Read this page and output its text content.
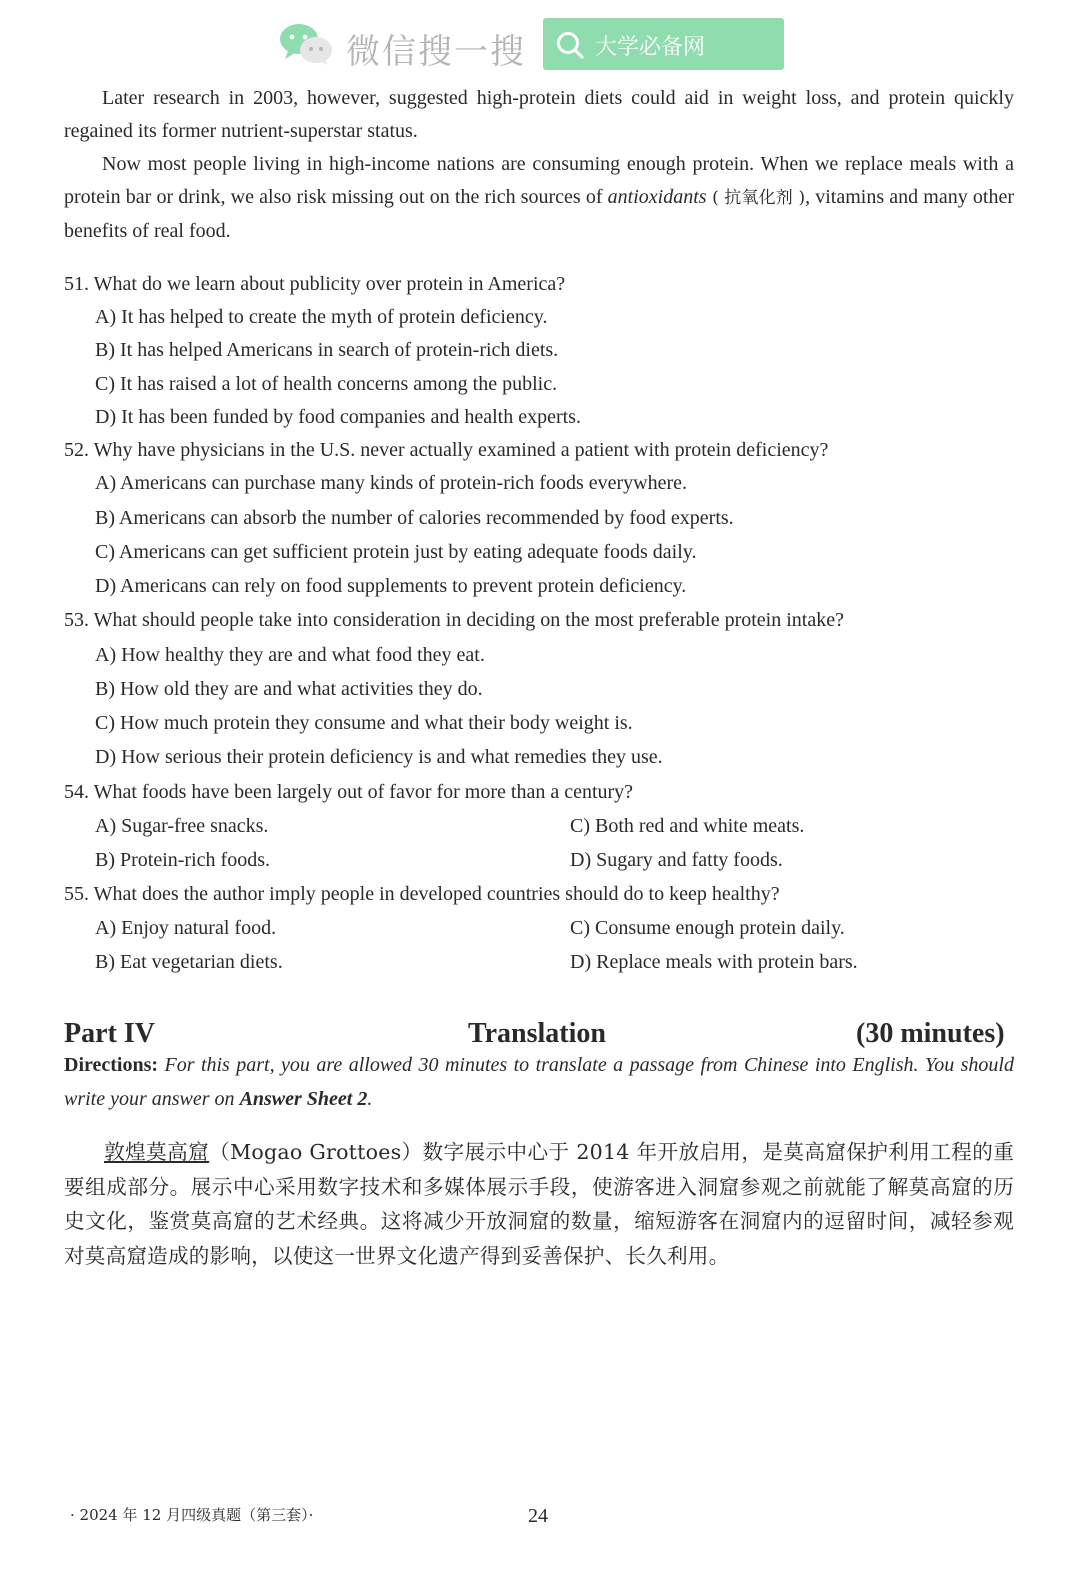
微信搜一搜	大学必备网

Later research in 2003, however, suggested high-protein diets could aid in weight loss, and protein quickly regained its former nutrient-superstar status.

Now most people living in high-income nations are consuming enough protein. When we replace meals with a protein bar or drink, we also risk missing out on the rich sources of antioxidants ( 抗氧化剂 ), vitamins and many other benefits of real food.

51. What do we learn about publicity over protein in America?
A) It has helped to create the myth of protein deficiency.
B) It has helped Americans in search of protein-rich diets.
C) It has raised a lot of health concerns among the public.
D) It has been funded by food companies and health experts.
52. Why have physicians in the U.S. never actually examined a patient with protein deficiency?
A) Americans can purchase many kinds of protein-rich foods everywhere.
B) Americans can absorb the number of calories recommended by food experts.
C) Americans can get sufficient protein just by eating adequate foods daily.
D) Americans can rely on food supplements to prevent protein deficiency.
53. What should people take into consideration in deciding on the most preferable protein intake?
A) How healthy they are and what food they eat.
B) How old they are and what activities they do.
C) How much protein they consume and what their body weight is.
D) How serious their protein deficiency is and what remedies they use.
54. What foods have been largely out of favor for more than a century?
A) Sugar-free snacks.	C) Both red and white meats.
B) Protein-rich foods.	D) Sugary and fatty foods.
55. What does the author imply people in developed countries should do to keep healthy?
A) Enjoy natural food.	C) Consume enough protein daily.
B) Eat vegetarian diets.	D) Replace meals with protein bars.
Part IV	Translation	(30 minutes)
Directions: For this part, you are allowed 30 minutes to translate a passage from Chinese into English. You should write your answer on Answer Sheet 2.
敦煌莫高窟（Mogao Grottoes）数字展示中心于 2014 年开放启用，是莫高窟保护利用工程的重要组成部分。展示中心采用数字技术和多媒体展示手段，使游客进入洞窟参观之前就能了解莫高窟的历史文化，鉴赏莫高窟的艺术经典。这将减少开放洞窟的数量，缩短游客在洞窟内的逗留时间，减轻参观对莫高窟造成的影响，以使这一世界文化遗产得到妥善保护、长久利用。
· 2024 年 12 月四级真题（第三套）·	24
